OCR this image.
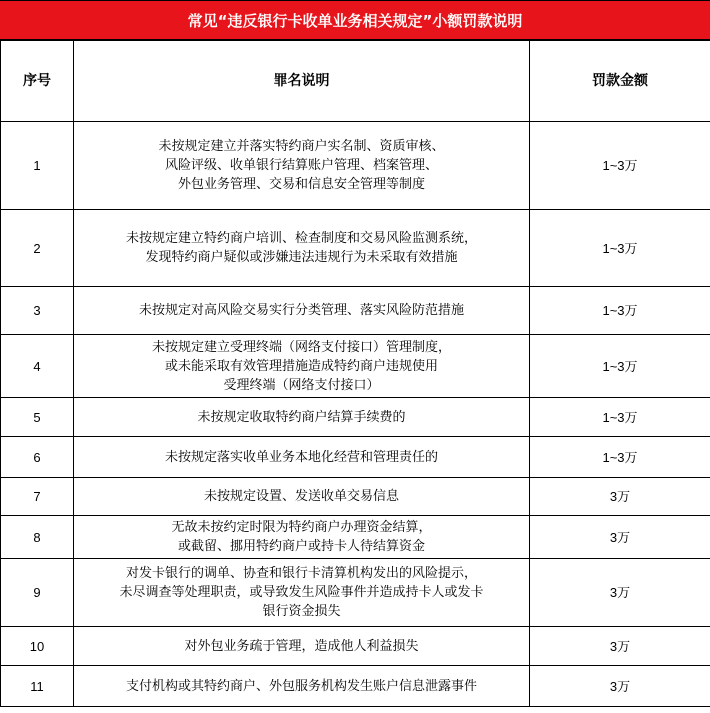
常见“违反银行卡收单业务相关规定”小额罚款说明
序号	罪名说明	罚款金额
1	未按规定建立并落实特约商户实名制、资质审核、
风险评级、收单银行结算账户管理、档案管理、
外包业务管理、交易和信息安全管理等制度	1~3万
2	未按规定建立特约商户培训、检查制度和交易风险监测系统，
发现特约商户疑似或涉嫌违法违规行为未采取有效措施	1~3万
3	未按规定对高风险交易实行分类管理、落实风险防范措施	1~3万
4	未按规定建立受理终端（网络支付接口）管理制度，
或未能采取有效管理措施造成特约商户违规使用
受理终端（网络支付接口）	1~3万
5	未按规定收取特约商户结算手续费的	1~3万
6	未按规定落实收单业务本地化经营和管理责任的	1~3万
7	未按规定设置、发送收单交易信息	3万
8	无故未按约定时限为特约商户办理资金结算，
或截留、挪用特约商户或持卡人待结算资金	3万
9	对发卡银行的调单、协查和银行卡清算机构发出的风险提示，
未尽调查等处理职责，或导致发生风险事件并造成持卡人或发卡
银行资金损失	3万
10	对外包业务疏于管理，造成他人利益损失	3万
11	支付机构或其特约商户、外包服务机构发生账户信息泄露事件	3万
